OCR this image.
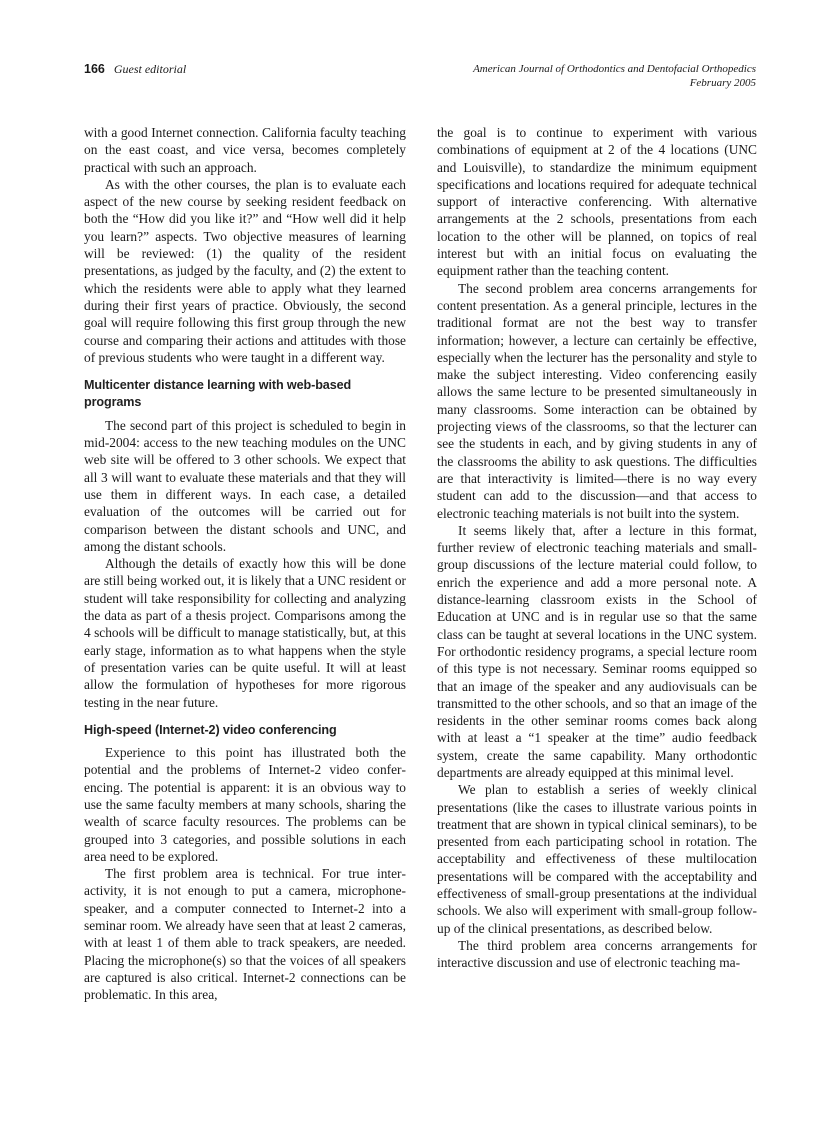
166 Guest editorial	American Journal of Orthodontics and Dentofacial Orthopedics
February 2005

with a good Internet connection. California faculty teaching on the east coast, and vice versa, becomes completely practical with such an approach.

As with the other courses, the plan is to evaluate each aspect of the new course by seeking resident feedback on both the “How did you like it?” and “How well did it help you learn?” aspects. Two objective measures of learning will be reviewed: (1) the quality of the resident presentations, as judged by the faculty, and (2) the extent to which the residents were able to apply what they learned during their first years of practice. Obviously, the second goal will require following this first group through the new course and comparing their actions and attitudes with those of previous students who were taught in a different way.

Multicenter distance learning with web-based programs

The second part of this project is scheduled to begin in mid-2004: access to the new teaching modules on the UNC web site will be offered to 3 other schools. We expect that all 3 will want to evaluate these materials and that they will use them in different ways. In each case, a detailed evaluation of the outcomes will be carried out for comparison between the distant schools and UNC, and among the distant schools.

Although the details of exactly how this will be done are still being worked out, it is likely that a UNC resident or student will take responsibility for collecting and analyzing the data as part of a thesis project. Comparisons among the 4 schools will be difficult to manage statistically, but, at this early stage, information as to what happens when the style of presentation varies can be quite useful. It will at least allow the formulation of hypotheses for more rigorous testing in the near future.

High-speed (Internet-2) video conferencing

Experience to this point has illustrated both the potential and the problems of Internet-2 video conferencing. The potential is apparent: it is an obvious way to use the same faculty members at many schools, sharing the wealth of scarce faculty resources. The problems can be grouped into 3 categories, and possible solutions in each area need to be explored.

The first problem area is technical. For true interactivity, it is not enough to put a camera, microphone-speaker, and a computer connected to Internet-2 into a seminar room. We already have seen that at least 2 cameras, with at least 1 of them able to track speakers, are needed. Placing the microphone(s) so that the voices of all speakers are captured is also critical. Internet-2 connections can be problematic. In this area,

the goal is to continue to experiment with various combinations of equipment at 2 of the 4 locations (UNC and Louisville), to standardize the minimum equipment specifications and locations required for adequate technical support of interactive conferencing. With alternative arrangements at the 2 schools, presentations from each location to the other will be planned, on topics of real interest but with an initial focus on evaluating the equipment rather than the teaching content.

The second problem area concerns arrangements for content presentation. As a general principle, lectures in the traditional format are not the best way to transfer information; however, a lecture can certainly be effective, especially when the lecturer has the personality and style to make the subject interesting. Video conferencing easily allows the same lecture to be presented simultaneously in many classrooms. Some interaction can be obtained by projecting views of the classrooms, so that the lecturer can see the students in each, and by giving students in any of the classrooms the ability to ask questions. The difficulties are that interactivity is limited—there is no way every student can add to the discussion—and that access to electronic teaching materials is not built into the system.

It seems likely that, after a lecture in this format, further review of electronic teaching materials and small-group discussions of the lecture material could follow, to enrich the experience and add a more personal note. A distance-learning classroom exists in the School of Education at UNC and is in regular use so that the same class can be taught at several locations in the UNC system. For orthodontic residency programs, a special lecture room of this type is not necessary. Seminar rooms equipped so that an image of the speaker and any audiovisuals can be transmitted to the other schools, and so that an image of the residents in the other seminar rooms comes back along with at least a “1 speaker at the time” audio feedback system, create the same capability. Many orthodontic departments are already equipped at this minimal level.

We plan to establish a series of weekly clinical presentations (like the cases to illustrate various points in treatment that are shown in typical clinical seminars), to be presented from each participating school in rotation. The acceptability and effectiveness of these multilocation presentations will be compared with the acceptability and effectiveness of small-group presentations at the individual schools. We also will experiment with small-group follow-up of the clinical presentations, as described below.

The third problem area concerns arrangements for interactive discussion and use of electronic teaching ma-
